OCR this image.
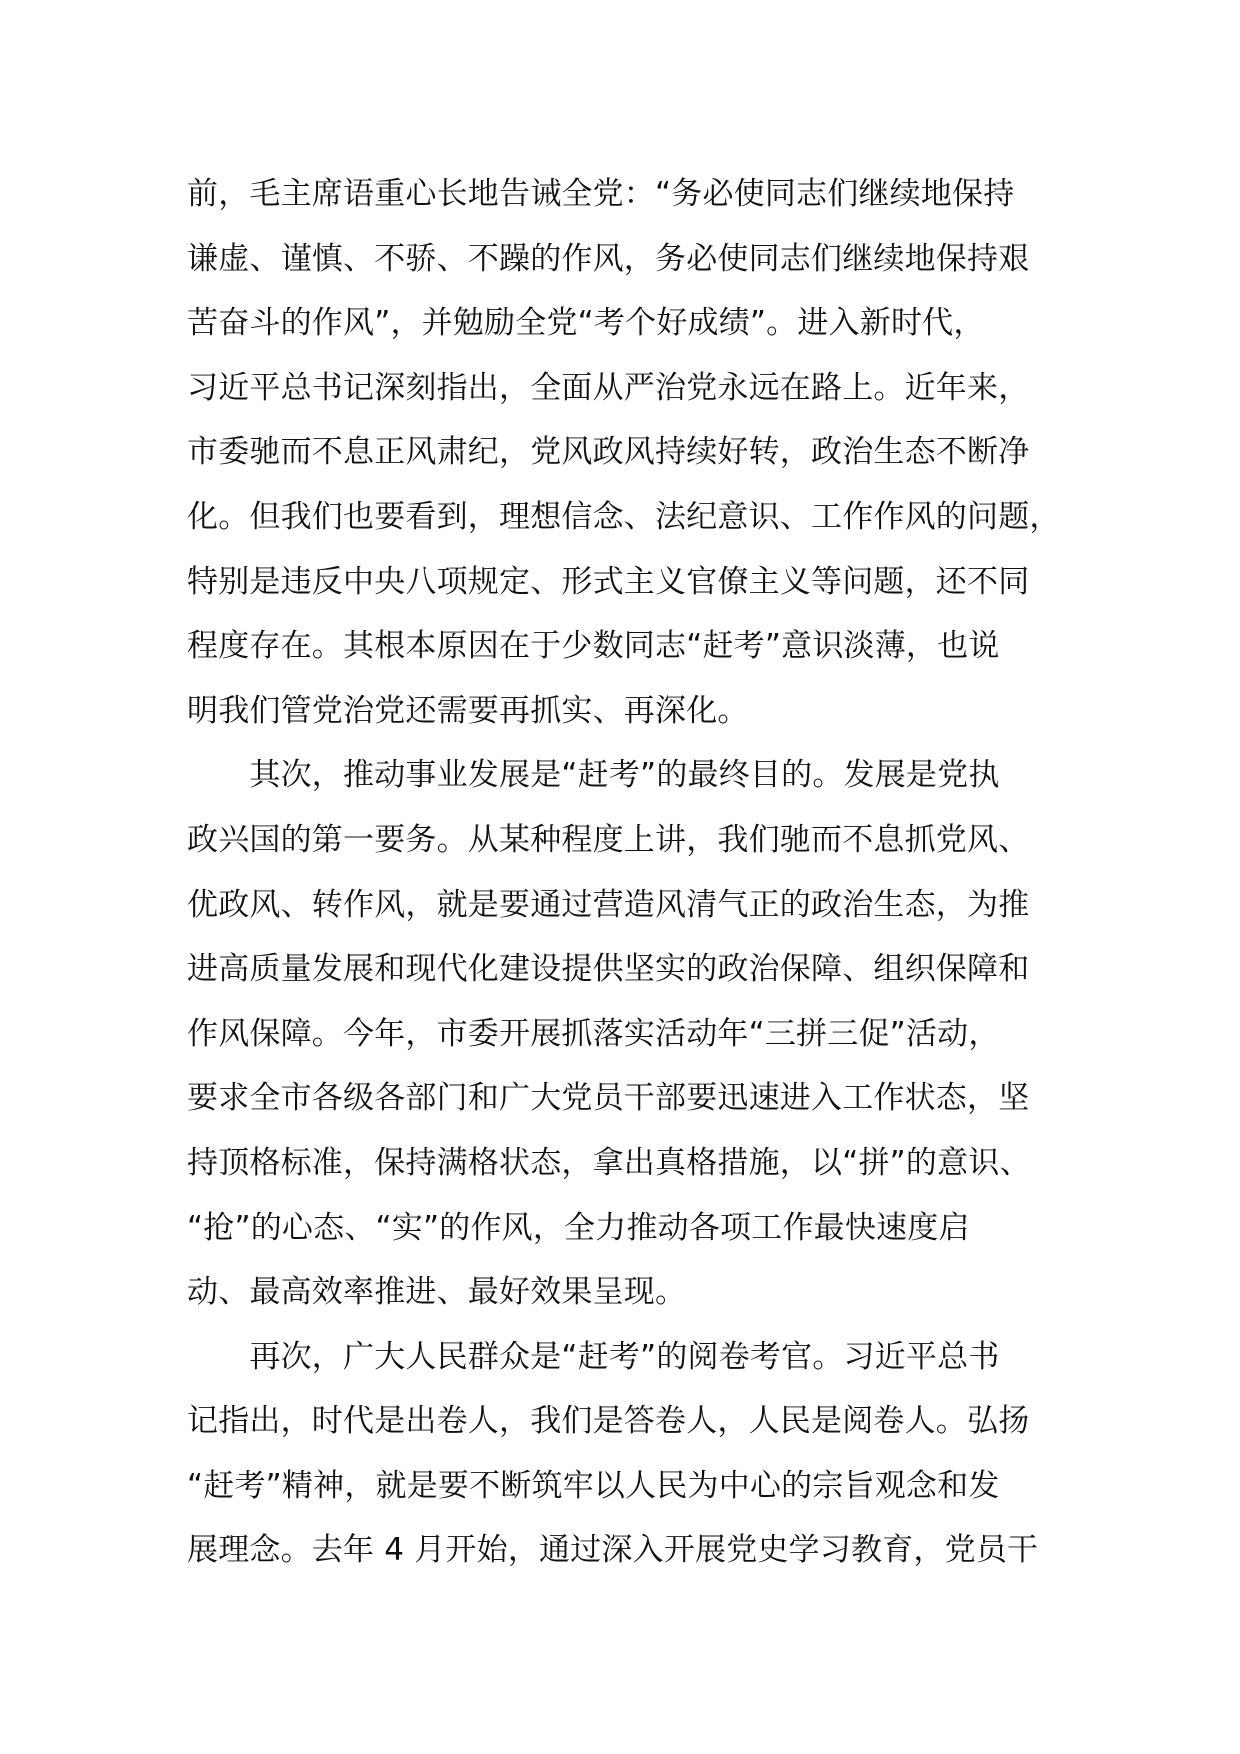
前，毛主席语重心长地告诫全党：“务必使同志们继续地保持
谦虚、谨慎、不骄、不躁的作风，务必使同志们继续地保持艰
苦奋斗的作风”，并勉励全党“考个好成绩”。进入新时代，
习近平总书记深刻指出，全面从严治党永远在路上。近年来，
市委驰而不息正风肃纪，党风政风持续好转，政治生态不断净
化。但我们也要看到，理想信念、法纪意识、工作作风的问题，
特别是违反中央八项规定、形式主义官僚主义等问题，还不同
程度存在。其根本原因在于少数同志“赶考”意识淡薄，也说
明我们管党治党还需要再抓实、再深化。
　　其次，推动事业发展是“赶考”的最终目的。发展是党执
政兴国的第一要务。从某种程度上讲，我们驰而不息抓党风、
优政风、转作风，就是要通过营造风清气正的政治生态，为推
进高质量发展和现代化建设提供坚实的政治保障、组织保障和
作风保障。今年，市委开展抓落实活动年“三拼三促”活动，
要求全市各级各部门和广大党员干部要迅速进入工作状态，坚
持顶格标准，保持满格状态，拿出真格措施，以“拼”的意识、
“抢”的心态、“实”的作风，全力推动各项工作最快速度启
动、最高效率推进、最好效果呈现。
　　再次，广大人民群众是“赶考”的阅卷考官。习近平总书
记指出，时代是出卷人，我们是答卷人，人民是阅卷人。弘扬
“赶考”精神，就是要不断筑牢以人民为中心的宗旨观念和发
展理念。去年 4 月开始，通过深入开展党史学习教育，党员干
